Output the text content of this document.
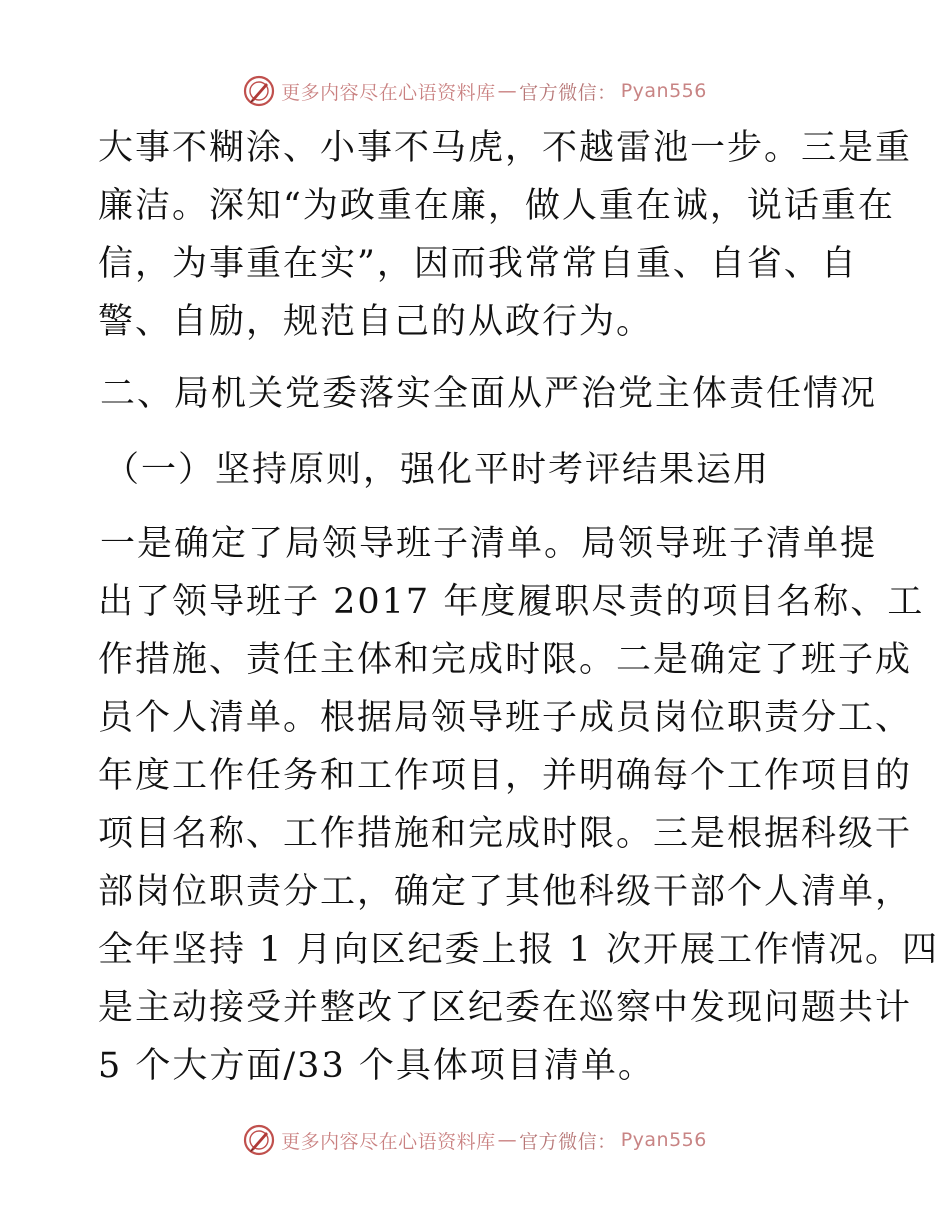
更多内容尽在心语资料库 — 官方微信： Pyan556
大事不糊涂、小事不马虎，不越雷池一步。三是重
廉洁。深知“为政重在廉，做人重在诚，说话重在
信，为事重在实”，因而我常常自重、自省、自
警、自励，规范自己的从政行为。
二、局机关党委落实全面从严治党主体责任情况
（一）坚持原则，强化平时考评结果运用
一是确定了局领导班子清单。局领导班子清单提
出了领导班子 2017 年度履职尽责的项目名称、工
作措施、责任主体和完成时限。二是确定了班子成
员个人清单。根据局领导班子成员岗位职责分工、
年度工作任务和工作项目，并明确每个工作项目的
项目名称、工作措施和完成时限。三是根据科级干
部岗位职责分工，确定了其他科级干部个人清单，
全年坚持 1 月向区纪委上报 1 次开展工作情况。四
是主动接受并整改了区纪委在巡察中发现问题共计
5 个大方面/33 个具体项目清单。
更多内容尽在心语资料库 — 官方微信： Pyan556
